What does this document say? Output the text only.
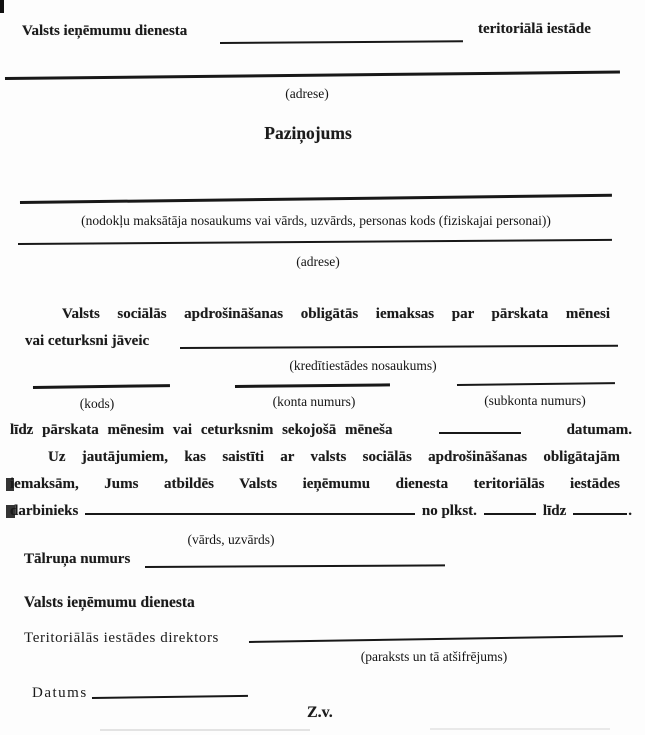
Valsts ieņēmumu dienesta	teritoriālā iestāde
(adrese)
Paziņojums
(nodokļu maksātāja nosaukums vai vārds, uzvārds, personas kods (fiziskajai personai))
(adrese)
Valsts sociālās apdrošināšanas obligātās iemaksas par pārskata mēnesi
vai ceturksni jāveic
(kredītiestādes nosaukums)
(kods)	(konta numurs)	(subkonta numurs)
līdz pārskata mēnesim vai ceturksnim sekojošā mēneša	datumam.
Uz jautājumiem, kas saistīti ar valsts sociālās apdrošināšanas obligātajām
iemaksām, Jums atbildēs Valsts ieņēmumu dienesta teritoriālās iestādes
darbinieks	no plkst.	līdz	.
(vārds, uzvārds)
Tālruņa numurs
Valsts ieņēmumu dienesta
Teritoriālās iestādes direktors
(paraksts un tā atšifrējums)
Datums
Z.v.
